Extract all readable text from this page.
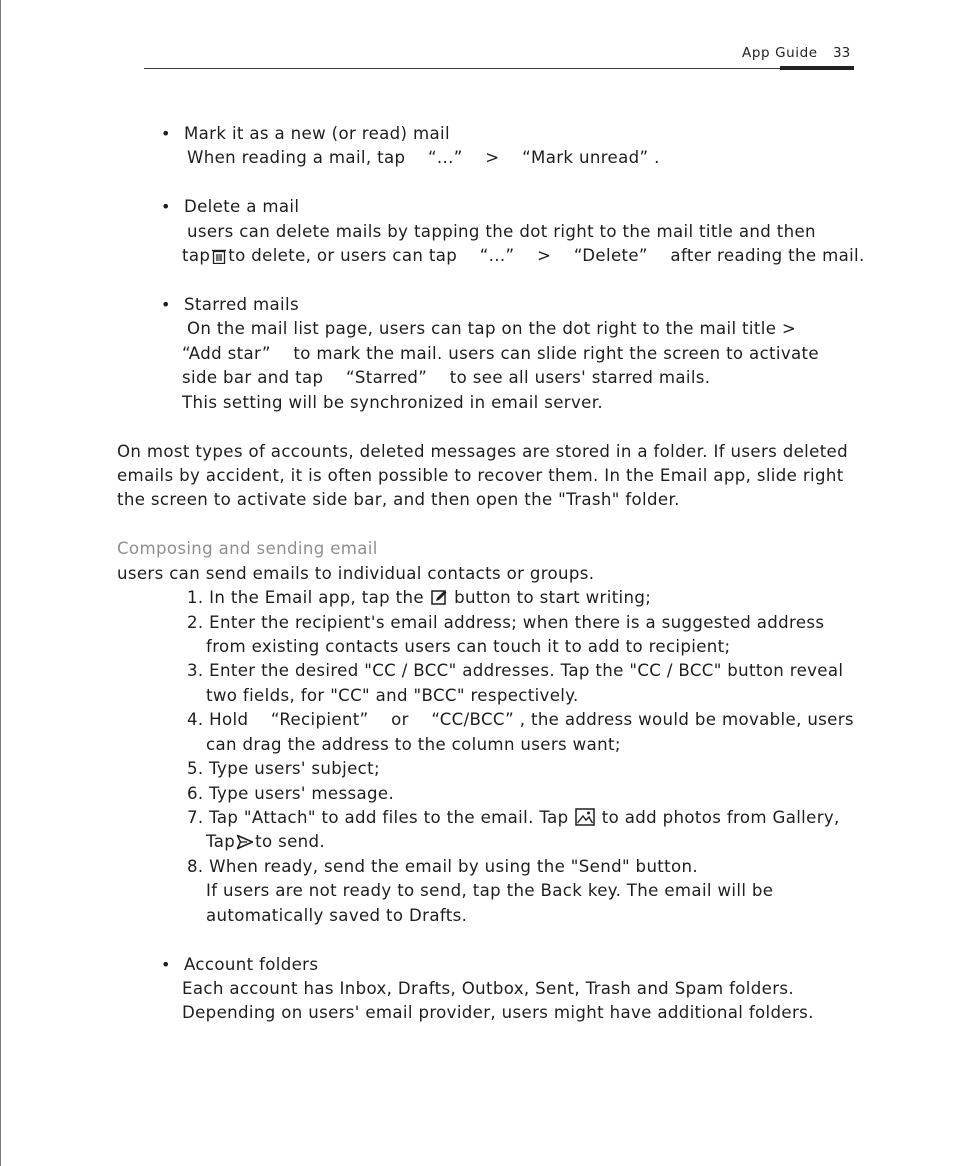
App Guide 33
• Mark it as a new (or read) mail
When reading a mail, tap 　“...” 　> 　“Mark unread” .
• Delete a mail
users can delete mails by tapping the dot right to the mail title and then
tap to delete, or users can tap 　“...” 　> 　“Delete” 　after reading the mail.
• Starred mails
On the mail list page, users can tap on the dot right to the mail title >
“Add star” 　to mark the mail. users can slide right the screen to activate
side bar and tap 　“Starred” 　to see all users' starred mails.
This setting will be synchronized in email server.
On most types of accounts, deleted messages are stored in a folder. If users deleted
emails by accident, it is often possible to recover them. In the Email app, slide right
the screen to activate side bar, and then open the "Trash" folder.
Composing and sending email
users can send emails to individual contacts or groups.
1. In the Email app, tap the button to start writing;
2. Enter the recipient's email address; when there is a suggested address
from existing contacts users can touch it to add to recipient;
3. Enter the desired "CC / BCC" addresses. Tap the "CC / BCC" button reveal
two fields, for "CC" and "BCC" respectively.
4. Hold 　“Recipient” 　or 　“CC/BCC” , the address would be movable, users
can drag the address to the column users want;
5. Type users' subject;
6. Type users' message.
7. Tap "Attach" to add files to the email. Tap to add photos from Gallery,
Tap to send.
8. When ready, send the email by using the "Send" button.
If users are not ready to send, tap the Back key. The email will be
automatically saved to Drafts.
• Account folders
Each account has Inbox, Drafts, Outbox, Sent, Trash and Spam folders.
Depending on users' email provider, users might have additional folders.
